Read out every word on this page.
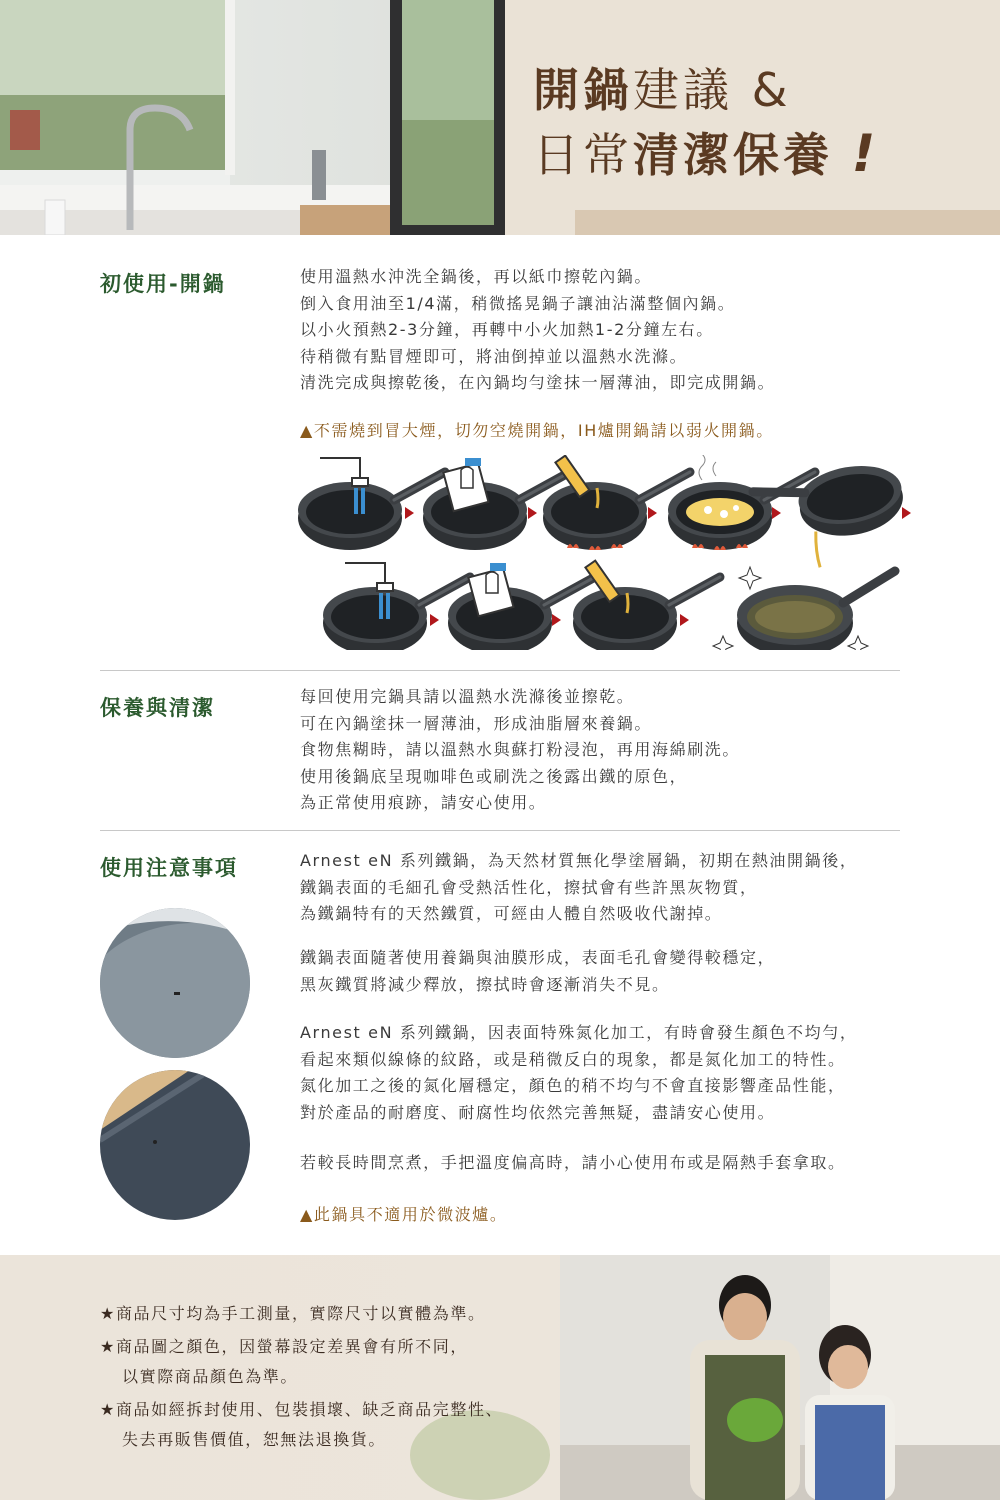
開鍋建議 &
日常清潔保養 !
初使用-開鍋	使用溫熱水沖洗全鍋後，再以紙巾擦乾內鍋。
倒入食用油至1/4滿，稍微搖晃鍋子讓油沾滿整個內鍋。
以小火預熱2-3分鐘，再轉中小火加熱1-2分鐘左右。
待稍微有點冒煙即可，將油倒掉並以溫熱水洗滌。
清洗完成與擦乾後，在內鍋均勻塗抹一層薄油，即完成開鍋。
▲不需燒到冒大煙，切勿空燒開鍋，IH爐開鍋請以弱火開鍋。
保養與清潔	每回使用完鍋具請以溫熱水洗滌後並擦乾。
可在內鍋塗抹一層薄油，形成油脂層來養鍋。
食物焦糊時，請以溫熱水與蘇打粉浸泡，再用海綿刷洗。
使用後鍋底呈現咖啡色或刷洗之後露出鐵的原色，
為正常使用痕跡，請安心使用。
使用注意事項	Arnest eN 系列鐵鍋，為天然材質無化學塗層鍋，初期在熱油開鍋後，
鐵鍋表面的毛細孔會受熱活性化，擦拭會有些許黑灰物質，
為鐵鍋特有的天然鐵質，可經由人體自然吸收代謝掉。
鐵鍋表面隨著使用養鍋與油膜形成，表面毛孔會變得較穩定，
黑灰鐵質將減少釋放，擦拭時會逐漸消失不見。
Arnest eN 系列鐵鍋，因表面特殊氮化加工，有時會發生顏色不均勻，
看起來類似線條的紋路，或是稍微反白的現象，都是氮化加工的特性。
氮化加工之後的氮化層穩定，顏色的稍不均勻不會直接影響產品性能，
對於產品的耐磨度、耐腐性均依然完善無疑，盡請安心使用。
若較長時間烹煮，手把溫度偏高時，請小心使用布或是隔熱手套拿取。
▲此鍋具不適用於微波爐。
★商品尺寸均為手工測量，實際尺寸以實體為準。
★商品圖之顏色，因螢幕設定差異會有所不同，
以實際商品顏色為準。
★商品如經拆封使用、包裝損壞、缺乏商品完整性、
失去再販售價值，恕無法退換貨。
